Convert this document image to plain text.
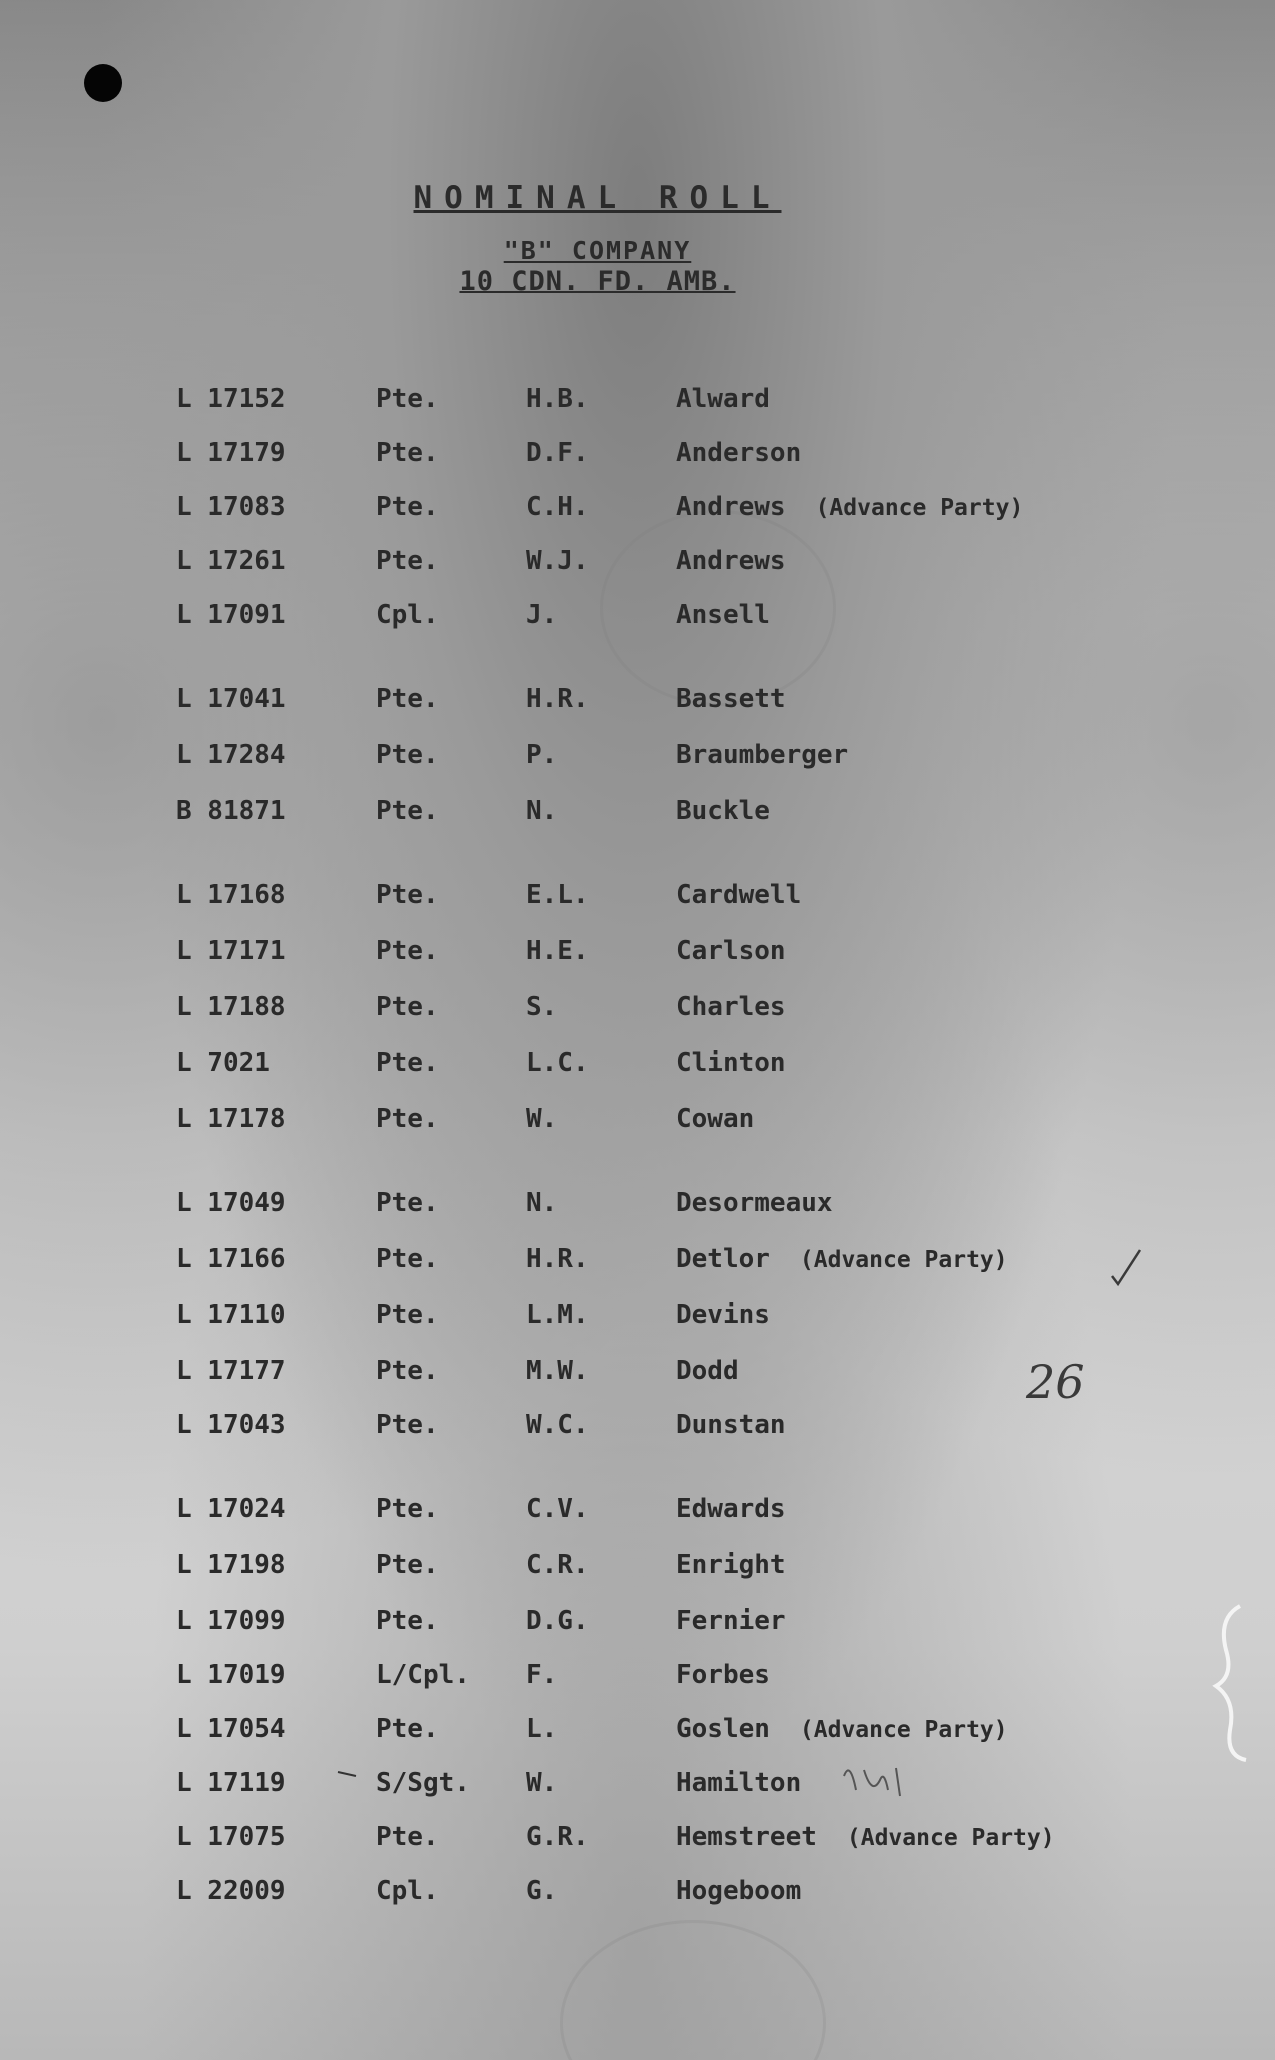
NOMINAL ROLL
"B" COMPANY
10 CDN. FD. AMB.
L 17152	Pte.	H.B.	Alward
L 17179	Pte.	D.F.	Anderson
L 17083	Pte.	C.H.	Andrews (Advance Party)
L 17261	Pte.	W.J.	Andrews
L 17091	Cpl.	J.	Ansell
L 17041	Pte.	H.R.	Bassett
L 17284	Pte.	P.	Braumberger
B 81871	Pte.	N.	Buckle
L 17168	Pte.	E.L.	Cardwell
L 17171	Pte.	H.E.	Carlson
L 17188	Pte.	S.	Charles
L 7021	Pte.	L.C.	Clinton
L 17178	Pte.	W.	Cowan
L 17049	Pte.	N.	Desormeaux
L 17166	Pte.	H.R.	Detlor (Advance Party)
L 17110	Pte.	L.M.	Devins
L 17177	Pte.	M.W.	Dodd
L 17043	Pte.	W.C.	Dunstan
L 17024	Pte.	C.V.	Edwards
L 17198	Pte.	C.R.	Enright
L 17099	Pte.	D.G.	Fernier
L 17019	L/Cpl. F.	Forbes
L 17054	Pte.	L.	Goslen (Advance Party)
L 17119	S/Sgt. W.	Hamilton
L 17075	Pte.	G.R.	Hemstreet (Advance Party)
L 22009	Cpl.	G.	Hogeboom
26
